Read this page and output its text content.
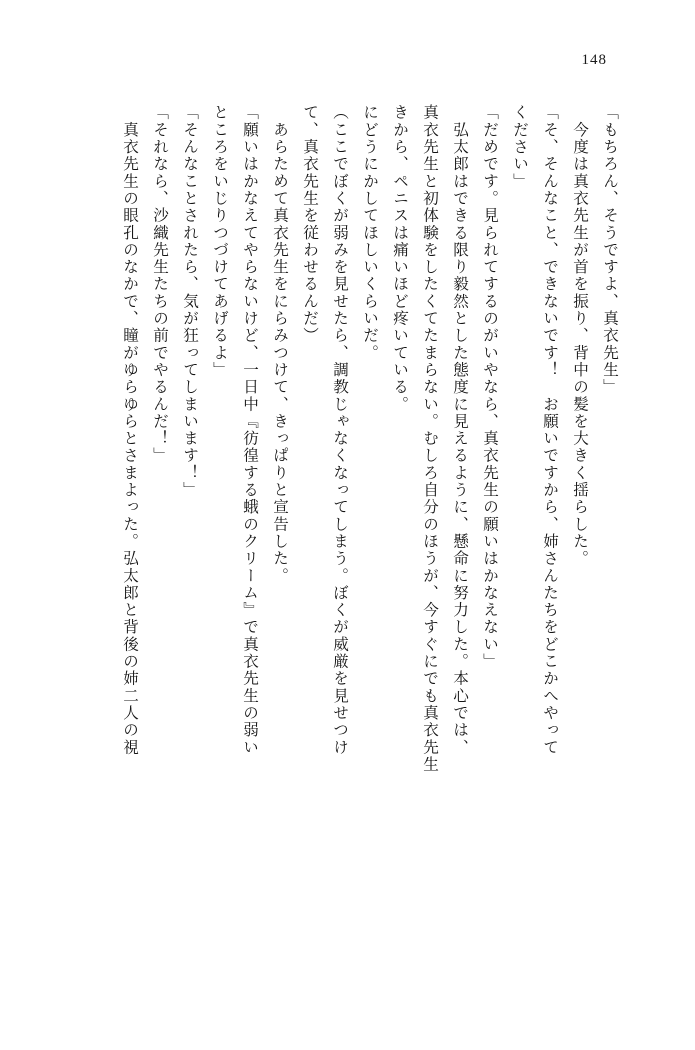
148
「もちろん、そうですよ、真衣先生」
　今度は真衣先生が首を振り、背中の髪を大きく揺らした。
「そ、そんなこと、できないです！　お願いですから、姉さんたちをどこかへやって
ください」
「だめです。見られてするのがいやなら、真衣先生の願いはかなえない」
　弘太郎はできる限り毅然とした態度に見えるように、懸命に努力した。本心では、
真衣先生と初体験をしたくてたまらない。むしろ自分のほうが、今すぐにでも真衣先生
きから、ペニスは痛いほど疼いている。
にどうにかしてほしいくらいだ。
（ここでぼくが弱みを見せたら、調教じゃなくなってしまう。ぼくが威厳を見せつけ
て、真衣先生を従わせるんだ）
　あらためて真衣先生をにらみつけて、きっぱりと宣告した。
「願いはかなえてやらないけど、一日中『彷徨する蛾のクリーム』で真衣先生の弱い
ところをいじりつづけてあげるよ」
「そんなことされたら、気が狂ってしまいます！」
「それなら、沙織先生たちの前でやるんだ！」
　真衣先生の眼孔のなかで、瞳がゆらゆらとさまよった。弘太郎と背後の姉二人の視
